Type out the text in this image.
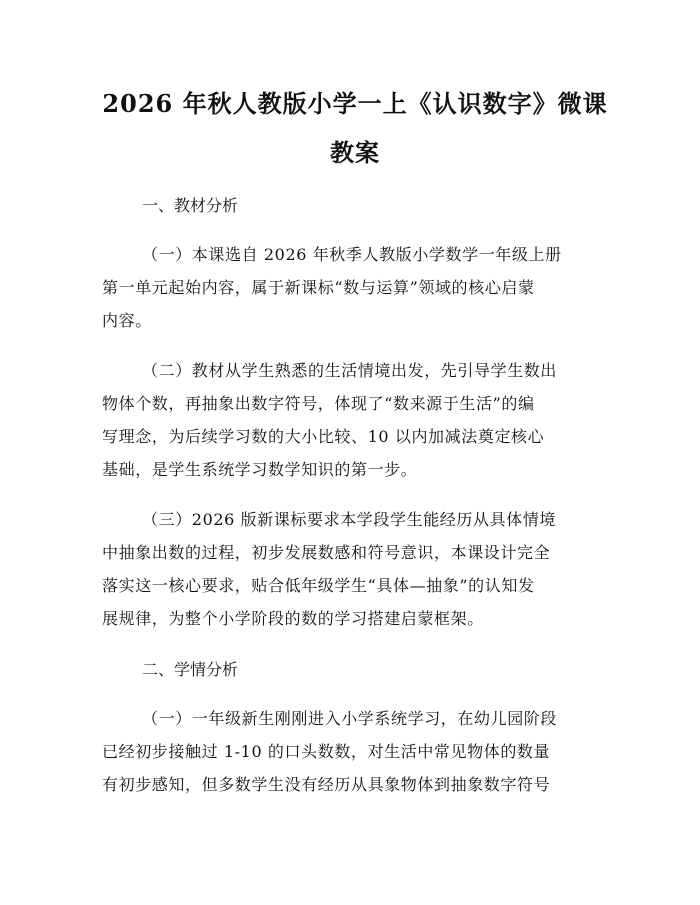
2026 年秋人教版小学一上《认识数字》微课
教案
一、教材分析
（一）本课选自 2026 年秋季人教版小学数学一年级上册
第一单元起始内容，属于新课标“数与运算”领域的核心启蒙
内容。
（二）教材从学生熟悉的生活情境出发，先引导学生数出
物体个数，再抽象出数字符号，体现了“数来源于生活”的编
写理念，为后续学习数的大小比较、10 以内加减法奠定核心
基础，是学生系统学习数学知识的第一步。
（三）2026 版新课标要求本学段学生能经历从具体情境
中抽象出数的过程，初步发展数感和符号意识，本课设计完全
落实这一核心要求，贴合低年级学生“具体—抽象”的认知发
展规律，为整个小学阶段的数的学习搭建启蒙框架。
二、学情分析
（一）一年级新生刚刚进入小学系统学习，在幼儿园阶段
已经初步接触过 1-10 的口头数数，对生活中常见物体的数量
有初步感知，但多数学生没有经历从具象物体到抽象数字符号
